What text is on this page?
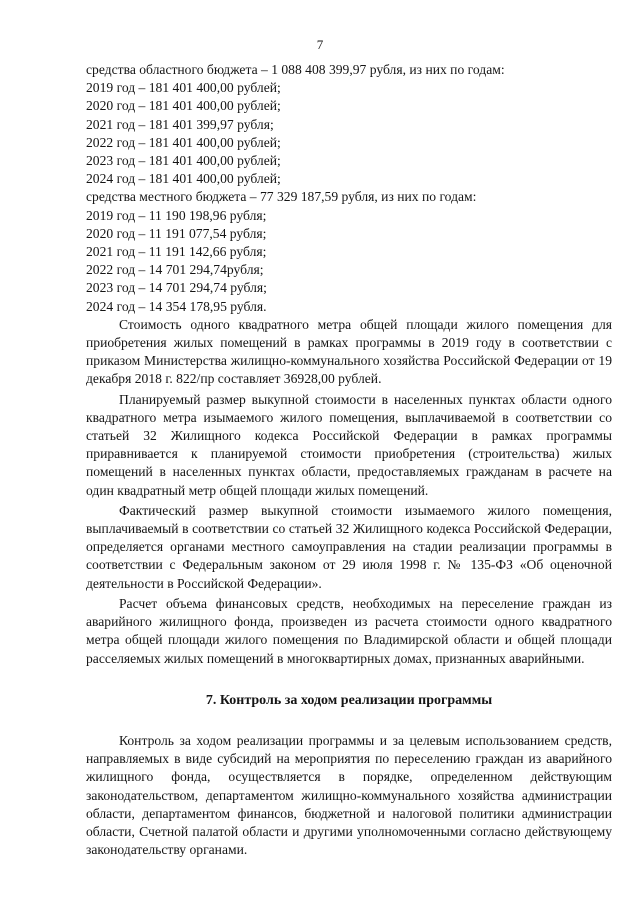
7
средства областного бюджета – 1 088 408 399,97 рубля, из них по годам:
2019 год – 181 401 400,00 рублей;
2020 год – 181 401 400,00 рублей;
2021 год – 181 401 399,97 рубля;
2022 год – 181 401 400,00 рублей;
2023 год – 181 401 400,00 рублей;
2024 год – 181 401 400,00 рублей;
средства местного бюджета – 77 329 187,59 рубля, из них по годам:
2019 год – 11 190 198,96 рубля;
2020 год – 11 191 077,54 рубля;
2021 год – 11 191 142,66 рубля;
2022 год – 14 701 294,74рубля;
2023 год – 14 701 294,74 рубля;
2024 год – 14 354 178,95 рубля.

Стоимость одного квадратного метра общей площади жилого помещения для приобретения жилых помещений в рамках программы в 2019 году в соответствии с приказом Министерства жилищно-коммунального хозяйства Российской Федерации от 19 декабря 2018 г. 822/пр составляет 36928,00 рублей.

Планируемый размер выкупной стоимости в населенных пунктах области одного квадратного метра изымаемого жилого помещения, выплачиваемой в соответствии со статьей 32 Жилищного кодекса Российской Федерации в рамках программы приравнивается к планируемой стоимости приобретения (строительства) жилых помещений в населенных пунктах области, предоставляемых гражданам в расчете на один квадратный метр общей площади жилых помещений.

Фактический размер выкупной стоимости изымаемого жилого помещения, выплачиваемый в соответствии со статьей 32 Жилищного кодекса Российской Федерации, определяется органами местного самоуправления на стадии реализации программы в соответствии с Федеральным законом от 29 июля 1998 г. № 135-ФЗ «Об оценочной деятельности в Российской Федерации».

Расчет объема финансовых средств, необходимых на переселение граждан из аварийного жилищного фонда, произведен из расчета стоимости одного квадратного метра общей площади жилого помещения по Владимирской области и общей площади расселяемых жилых помещений в многоквартирных домах, признанных аварийными.

7. Контроль за ходом реализации программы

Контроль за ходом реализации программы и за целевым использованием средств, направляемых в виде субсидий на мероприятия по переселению граждан из аварийного жилищного фонда, осуществляется в порядке, определенном действующим законодательством, департаментом жилищно-коммунального хозяйства администрации области, департаментом финансов, бюджетной и налоговой политики администрации области, Счетной палатой области и другими уполномоченными согласно действующему законодательству органами.
